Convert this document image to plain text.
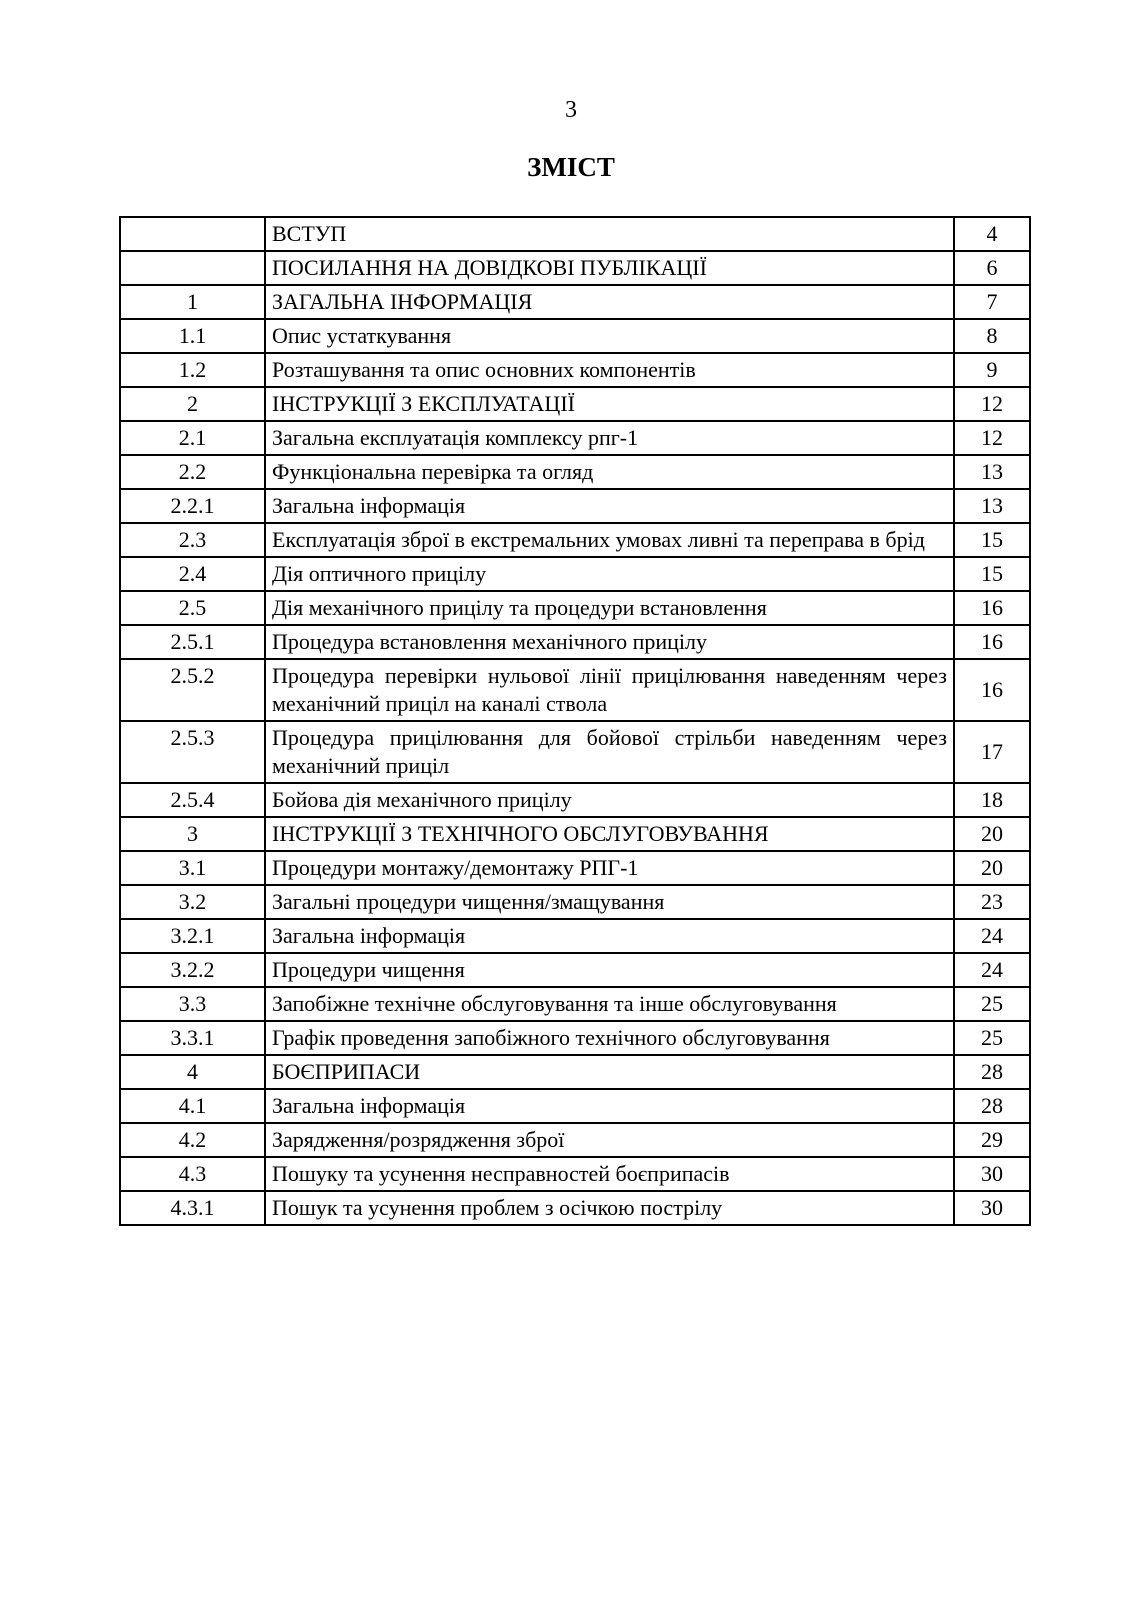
3
ЗМІСТ
	ВСТУП	4
	ПОСИЛАННЯ НА ДОВІДКОВІ ПУБЛІКАЦІЇ	6
1	ЗАГАЛЬНА ІНФОРМАЦІЯ	7
1.1	Опис устаткування	8
1.2	Розташування та опис основних компонентів	9
2	ІНСТРУКЦІЇ З ЕКСПЛУАТАЦІЇ	12
2.1	Загальна експлуатація комплексу рпг-1	12
2.2	Функціональна перевірка та огляд	13
2.2.1	Загальна інформація	13
2.3	Експлуатація зброї в екстремальних умовах ливні та переправа в брід	15
2.4	Дія оптичного прицілу	15
2.5	Дія механічного прицілу та процедури встановлення	16
2.5.1	Процедура встановлення механічного прицілу	16
2.5.2	Процедура перевірки нульової лінії прицілювання наведенням через механічний приціл на каналі ствола	16
2.5.3	Процедура прицілювання для бойової стрільби наведенням через механічний приціл	17
2.5.4	Бойова дія механічного прицілу	18
3	ІНСТРУКЦІЇ З ТЕХНІЧНОГО ОБСЛУГОВУВАННЯ	20
3.1	Процедури монтажу/демонтажу РПГ-1	20
3.2	Загальні процедури чищення/змащування	23
3.2.1	Загальна інформація	24
3.2.2	Процедури чищення	24
3.3	Запобіжне технічне обслуговування та інше обслуговування	25
3.3.1	Графік проведення запобіжного технічного обслуговування	25
4	БОЄПРИПАСИ	28
4.1	Загальна інформація	28
4.2	Зарядження/розрядження зброї	29
4.3	Пошуку та усунення несправностей боєприпасів	30
4.3.1	Пошук та усунення проблем з осічкою пострілу	30
